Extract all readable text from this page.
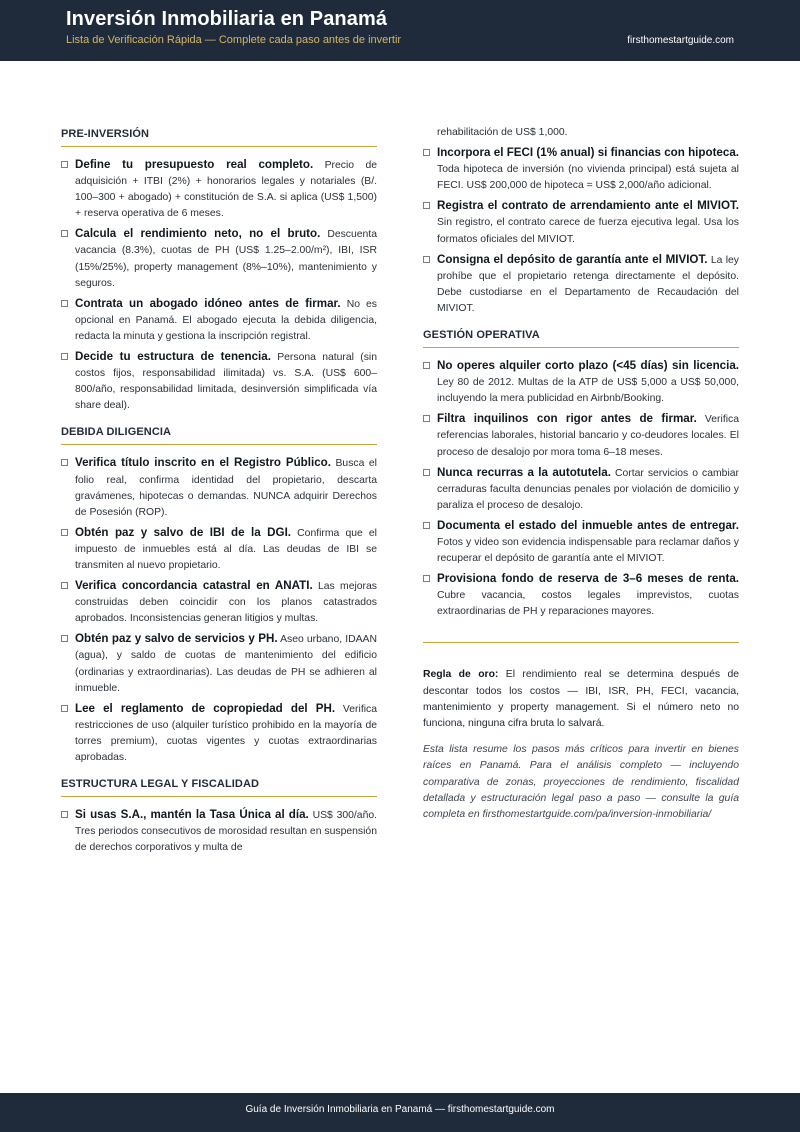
Inversión Inmobiliaria en Panamá
Lista de Verificación Rápida — Complete cada paso antes de invertir	firsthomestartguide.com
PRE-INVERSIÓN
Define tu presupuesto real completo. Precio de adquisición + ITBI (2%) + honorarios legales y notariales (B/. 100–300 + abogado) + constitución de S.A. si aplica (US$ 1,500) + reserva operativa de 6 meses.
Calcula el rendimiento neto, no el bruto. Descuenta vacancia (8.3%), cuotas de PH (US$ 1.25–2.00/m²), IBI, ISR (15%/25%), property management (8%–10%), mantenimiento y seguros.
Contrata un abogado idóneo antes de firmar. No es opcional en Panamá. El abogado ejecuta la debida diligencia, redacta la minuta y gestiona la inscripción registral.
Decide tu estructura de tenencia. Persona natural (sin costos fijos, responsabilidad ilimitada) vs. S.A. (US$ 600–800/año, responsabilidad limitada, desinversión simplificada vía share deal).
DEBIDA DILIGENCIA
Verifica título inscrito en el Registro Público. Busca el folio real, confirma identidad del propietario, descarta gravámenes, hipotecas o demandas. NUNCA adquirir Derechos de Posesión (ROP).
Obtén paz y salvo de IBI de la DGI. Confirma que el impuesto de inmuebles está al día. Las deudas de IBI se transmiten al nuevo propietario.
Verifica concordancia catastral en ANATI. Las mejoras construidas deben coincidir con los planos catastrados aprobados. Inconsistencias generan litigios y multas.
Obtén paz y salvo de servicios y PH. Aseo urbano, IDAAN (agua), y saldo de cuotas de mantenimiento del edificio (ordinarias y extraordinarias). Las deudas de PH se adhieren al inmueble.
Lee el reglamento de copropiedad del PH. Verifica restricciones de uso (alquiler turístico prohibido en la mayoría de torres premium), cuotas vigentes y cuotas extraordinarias aprobadas.
ESTRUCTURA LEGAL Y FISCALIDAD
Si usas S.A., mantén la Tasa Única al día. US$ 300/año. Tres periodos consecutivos de morosidad resultan en suspensión de derechos corporativos y multa de
rehabilitación de US$ 1,000.
Incorpora el FECI (1% anual) si financias con hipoteca. Toda hipoteca de inversión (no vivienda principal) está sujeta al FECI. US$ 200,000 de hipoteca = US$ 2,000/año adicional.
Registra el contrato de arrendamiento ante el MIVIOT. Sin registro, el contrato carece de fuerza ejecutiva legal. Usa los formatos oficiales del MIVIOT.
Consigna el depósito de garantía ante el MIVIOT. La ley prohíbe que el propietario retenga directamente el depósito. Debe custodiarse en el Departamento de Recaudación del MIVIOT.
GESTIÓN OPERATIVA
No operes alquiler corto plazo (<45 días) sin licencia. Ley 80 de 2012. Multas de la ATP de US$ 5,000 a US$ 50,000, incluyendo la mera publicidad en Airbnb/Booking.
Filtra inquilinos con rigor antes de firmar. Verifica referencias laborales, historial bancario y co-deudores locales. El proceso de desalojo por mora toma 6–18 meses.
Nunca recurras a la autotutela. Cortar servicios o cambiar cerraduras faculta denuncias penales por violación de domicilio y paraliza el proceso de desalojo.
Documenta el estado del inmueble antes de entregar. Fotos y video son evidencia indispensable para reclamar daños y recuperar el depósito de garantía ante el MIVIOT.
Provisiona fondo de reserva de 3–6 meses de renta. Cubre vacancia, costos legales imprevistos, cuotas extraordinarias de PH y reparaciones mayores.

Regla de oro: El rendimiento real se determina después de descontar todos los costos — IBI, ISR, PH, FECI, vacancia, mantenimiento y property management. Si el número neto no funciona, ninguna cifra bruta lo salvará.

Esta lista resume los pasos más críticos para invertir en bienes raíces en Panamá. Para el análisis completo — incluyendo comparativa de zonas, proyecciones de rendimiento, fiscalidad detallada y estructuración legal paso a paso — consulte la guía completa en firsthomestartguide.com/pa/inversion-inmobiliaria/

Guía de Inversión Inmobiliaria en Panamá — firsthomestartguide.com
